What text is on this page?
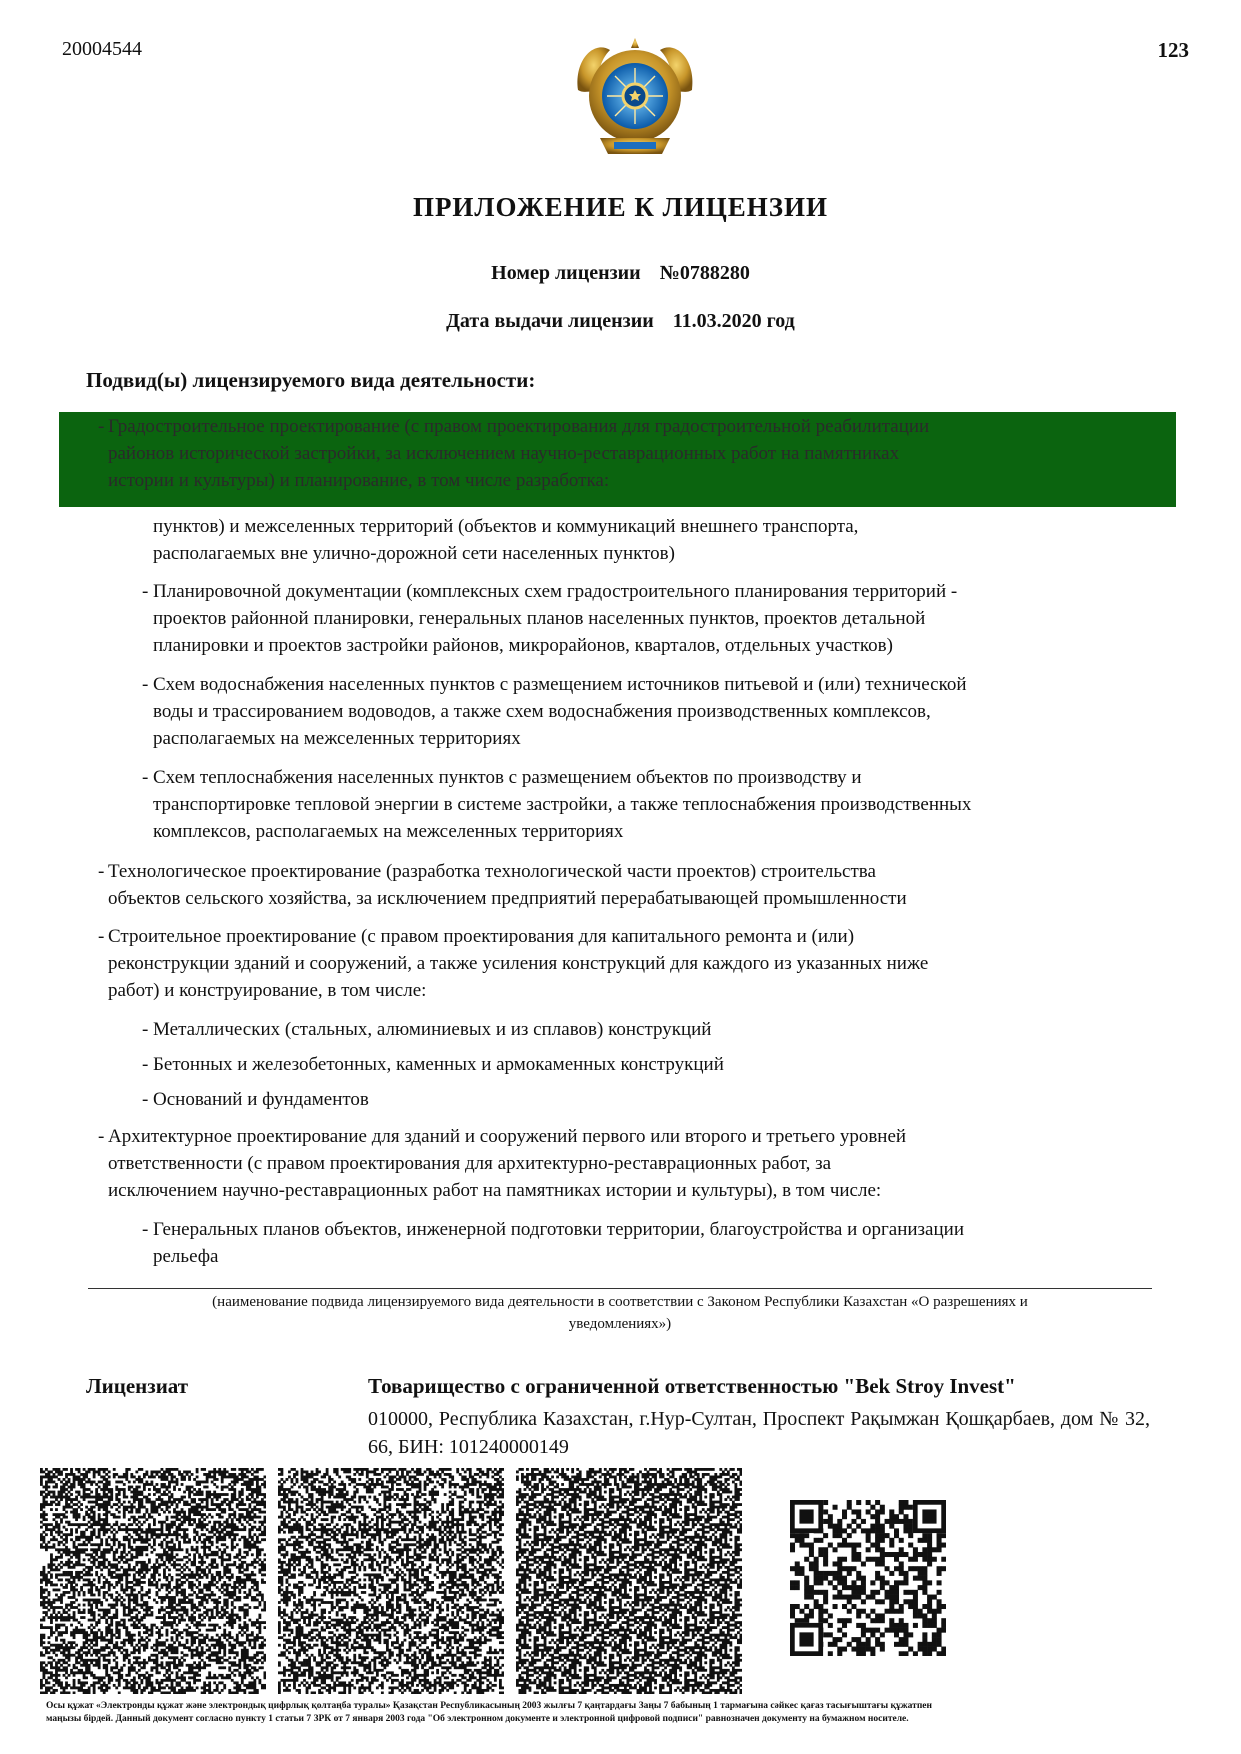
20004544	123
ПРИЛОЖЕНИЕ К ЛИЦЕНЗИИ
Номер лицензии №0788280
Дата выдачи лицензии 11.03.2020 год
Подвид(ы) лицензируемого вида деятельности:
- Градостроительное проектирование (с правом проектирования для градостроительной реабилитации
районов исторической застройки, за исключением научно-реставрационных работ на памятниках
истории и культуры) и планирование, в том числе разработка:
пунктов) и межселенных территорий (объектов и коммуникаций внешнего транспорта,
располагаемых вне улично-дорожной сети населенных пунктов)
- Планировочной документации (комплексных схем градостроительного планирования территорий -
проектов районной планировки, генеральных планов населенных пунктов, проектов детальной
планировки и проектов застройки районов, микрорайонов, кварталов, отдельных участков)
- Схем водоснабжения населенных пунктов с размещением источников питьевой и (или) технической
воды и трассированием водоводов, а также схем водоснабжения производственных комплексов,
располагаемых на межселенных территориях
- Схем теплоснабжения населенных пунктов с размещением объектов по производству и
транспортировке тепловой энергии в системе застройки, а также теплоснабжения производственных
комплексов, располагаемых на межселенных территориях
- Технологическое проектирование (разработка технологической части проектов) строительства
объектов сельского хозяйства, за исключением предприятий перерабатывающей промышленности
- Строительное проектирование (с правом проектирования для капитального ремонта и (или)
реконструкции зданий и сооружений, а также усиления конструкций для каждого из указанных ниже
работ) и конструирование, в том числе:
- Металлических (стальных, алюминиевых и из сплавов) конструкций
- Бетонных и железобетонных, каменных и армокаменных конструкций
- Оснований и фундаментов
- Архитектурное проектирование для зданий и сооружений первого или второго и третьего уровней
ответственности (с правом проектирования для архитектурно-реставрационных работ, за
исключением научно-реставрационных работ на памятниках истории и культуры), в том числе:
- Генеральных планов объектов, инженерной подготовки территории, благоустройства и организации
рельефа
(наименование подвида лицензируемого вида деятельности в соответствии с Законом Республики Казахстан «О разрешениях и
уведомлениях»)
Лицензиат	Товарищество с ограниченной ответственностью "Bek Stroy Invest"
010000, Республика Казахстан, г.Нур-Султан, Проспект Рақымжан Қошқарбаев, дом № 32, 66, БИН: 101240000149
Осы құжат «Электронды құжат және электрондық цифрлық қолтаңба туралы» Қазақстан Республикасының 2003 жылғы 7 қаңтардағы Заңы 7 бабының 1 тармағына сәйкес қағаз тасығыштағы құжатпен
маңызы бірдей. Данный документ согласно пункту 1 статьи 7 ЗРК от 7 января 2003 года "Об электронном документе и электронной цифровой подписи" равнозначен документу на бумажном носителе.
